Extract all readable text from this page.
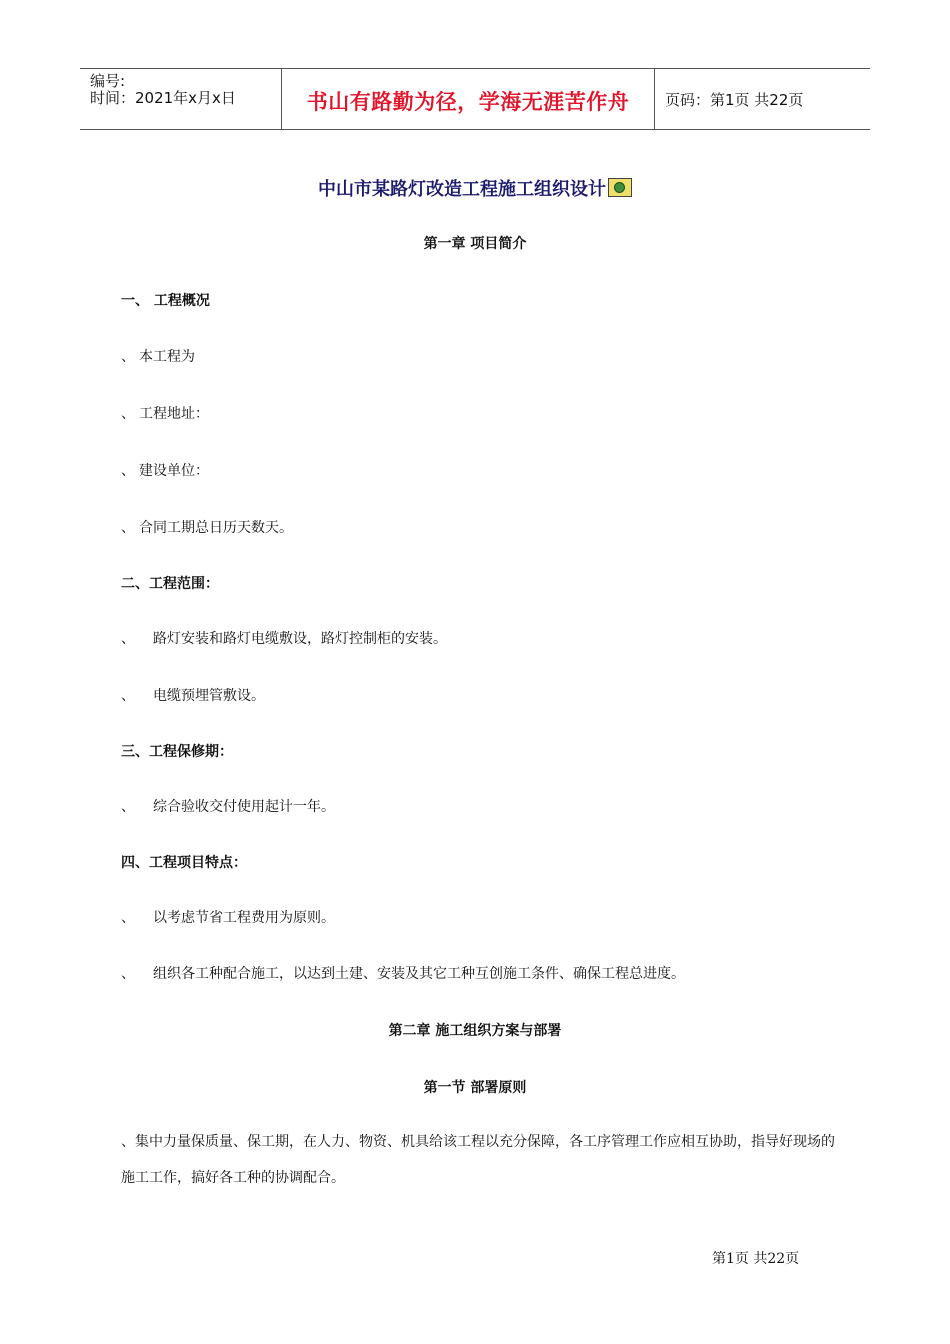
编号:
时间：2021年x月x日	书山有路勤为径，学海无涯苦作舟	页码：第1页 共22页
中山市某路灯改造工程施工组织设计
第一章 项目简介
一、 工程概况
、 本工程为
、 工程地址：
、 建设单位：
、 合同工期总日历天数天。
二、工程范围：
、 路灯安装和路灯电缆敷设，路灯控制柜的安装。
、 电缆预埋管敷设。
三、工程保修期：
、 综合验收交付使用起计一年。
四、工程项目特点：
、 以考虑节省工程费用为原则。
、 组织各工种配合施工，以达到土建、安装及其它工种互创施工条件、确保工程总进度。
第二章 施工组织方案与部署
第一节 部署原则
、集中力量保质量、保工期，在人力、物资、机具给该工程以充分保障，各工序管理工作应相互协助，指导好现场的施工工作，搞好各工种的协调配合。
第1页 共22页
